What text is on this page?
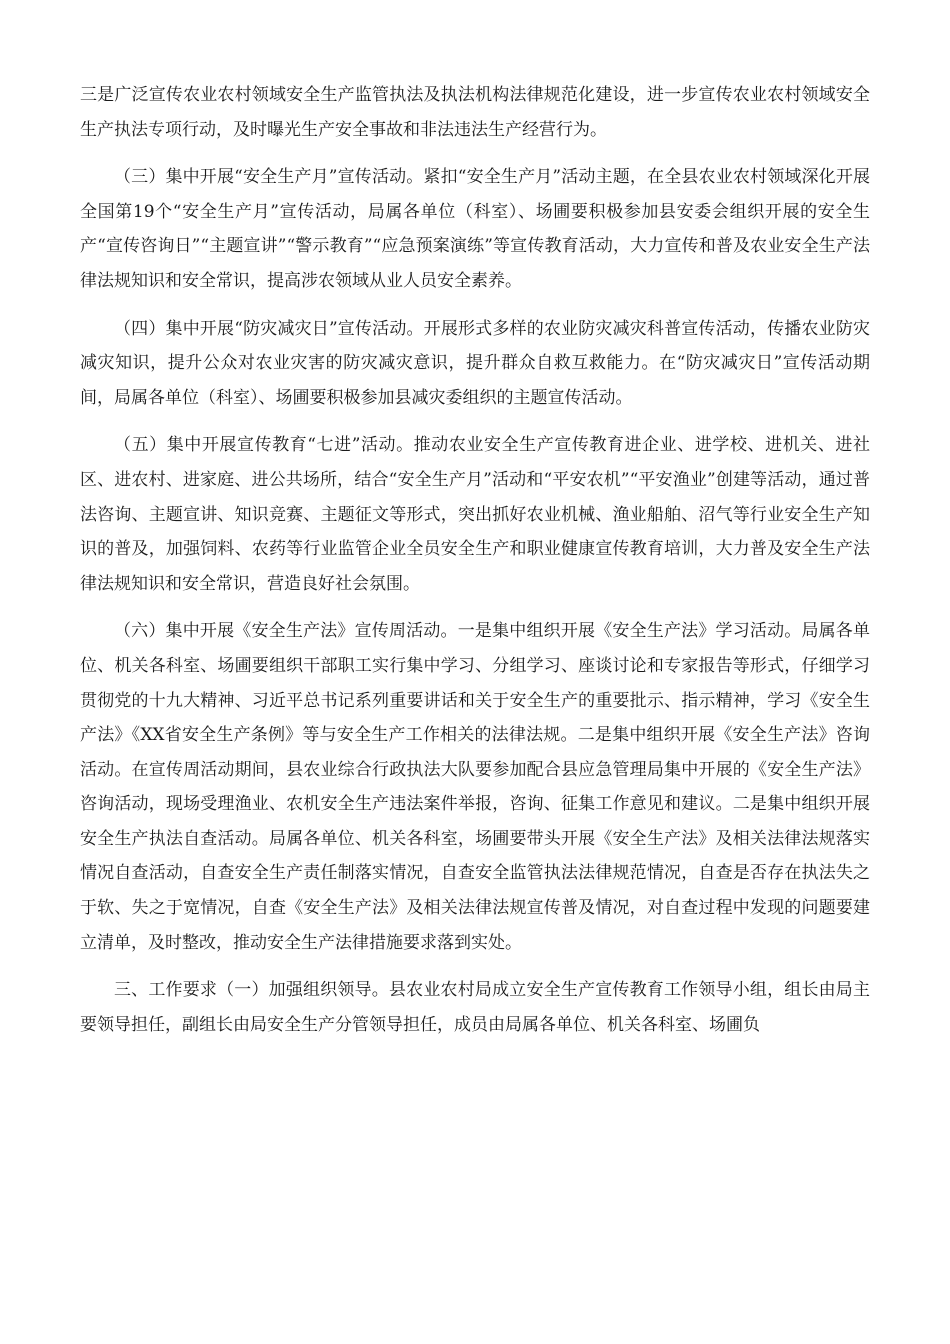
三是广泛宣传农业农村领域安全生产监管执法及执法机构法律规范化建设，进一步宣传农业农村领域安全生产执法专项行动，及时曝光生产安全事故和非法违法生产经营行为。

（三）集中开展“安全生产月”宣传活动。紧扣“安全生产月”活动主题，在全县农业农村领域深化开展全国第19个“安全生产月”宣传活动，局属各单位（科室）、场圃要积极参加县安委会组织开展的安全生产“宣传咨询日”“主题宣讲”“警示教育”“应急预案演练”等宣传教育活动，大力宣传和普及农业安全生产法律法规知识和安全常识，提高涉农领域从业人员安全素养。

（四）集中开展“防灾减灾日”宣传活动。开展形式多样的农业防灾减灾科普宣传活动，传播农业防灾减灾知识，提升公众对农业灾害的防灾减灾意识，提升群众自救互救能力。在“防灾减灾日”宣传活动期间，局属各单位（科室）、场圃要积极参加县减灾委组织的主题宣传活动。

（五）集中开展宣传教育“七进”活动。推动农业安全生产宣传教育进企业、进学校、进机关、进社区、进农村、进家庭、进公共场所，结合“安全生产月”活动和“平安农机”“平安渔业”创建等活动，通过普法咨询、主题宣讲、知识竞赛、主题征文等形式，突出抓好农业机械、渔业船舶、沼气等行业安全生产知识的普及，加强饲料、农药等行业监管企业全员安全生产和职业健康宣传教育培训，大力普及安全生产法律法规知识和安全常识，营造良好社会氛围。

（六）集中开展《安全生产法》宣传周活动。一是集中组织开展《安全生产法》学习活动。局属各单位、机关各科室、场圃要组织干部职工实行集中学习、分组学习、座谈讨论和专家报告等形式，仔细学习贯彻党的十九大精神、习近平总书记系列重要讲话和关于安全生产的重要批示、指示精神，学习《安全生产法》《XX省安全生产条例》等与安全生产工作相关的法律法规。二是集中组织开展《安全生产法》咨询活动。在宣传周活动期间，县农业综合行政执法大队要参加配合县应急管理局集中开展的《安全生产法》咨询活动，现场受理渔业、农机安全生产违法案件举报，咨询、征集工作意见和建议。二是集中组织开展安全生产执法自查活动。局属各单位、机关各科室，场圃要带头开展《安全生产法》及相关法律法规落实情况自查活动，自查安全生产责任制落实情况，自查安全监管执法法律规范情况，自查是否存在执法失之于软、失之于宽情况，自查《安全生产法》及相关法律法规宣传普及情况，对自查过程中发现的问题要建立清单，及时整改，推动安全生产法律措施要求落到实处。

三、工作要求（一）加强组织领导。县农业农村局成立安全生产宣传教育工作领导小组，组长由局主要领导担任，副组长由局安全生产分管领导担任，成员由局属各单位、机关各科室、场圃负
